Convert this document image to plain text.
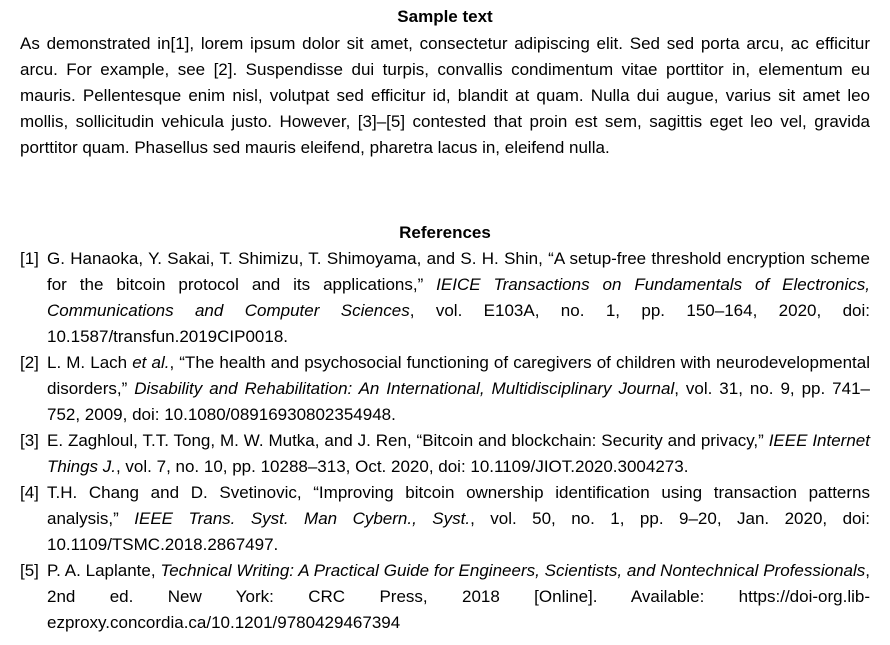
Sample text

As demonstrated in[1], lorem ipsum dolor sit amet, consectetur adipiscing elit. Sed sed porta arcu, ac efficitur arcu. For example, see [2]. Suspendisse dui turpis, convallis condimentum vitae porttitor in, elementum eu mauris. Pellentesque enim nisl, volutpat sed efficitur id, blandit at quam. Nulla dui augue, varius sit amet leo mollis, sollicitudin vehicula justo. However, [3]–[5] contested that proin est sem, sagittis eget leo vel, gravida porttitor quam. Phasellus sed mauris eleifend, pharetra lacus in, eleifend nulla.

References
[1] G. Hanaoka, Y. Sakai, T. Shimizu, T. Shimoyama, and S. H. Shin, “A setup-free threshold encryption scheme for the bitcoin protocol and its applications,” IEICE Transactions on Fundamentals of Electronics, Communications and Computer Sciences, vol. E103A, no. 1, pp. 150–164, 2020, doi: 10.1587/transfun.2019CIP0018.
[2] L. M. Lach et al., “The health and psychosocial functioning of caregivers of children with neurodevelopmental disorders,” Disability and Rehabilitation: An International, Multidisciplinary Journal, vol. 31, no. 9, pp. 741–752, 2009, doi: 10.1080/08916930802354948.
[3] E. Zaghloul, T.T. Tong, M. W. Mutka, and J. Ren, “Bitcoin and blockchain: Security and privacy,” IEEE Internet Things J., vol. 7, no. 10, pp. 10288–313, Oct. 2020, doi: 10.1109/JIOT.2020.3004273.
[4] T.H. Chang and D. Svetinovic, “Improving bitcoin ownership identification using transaction patterns analysis,” IEEE Trans. Syst. Man Cybern., Syst., vol. 50, no. 1, pp. 9–20, Jan. 2020, doi: 10.1109/TSMC.2018.2867497.
[5] P. A. Laplante, Technical Writing: A Practical Guide for Engineers, Scientists, and Nontechnical Professionals, 2nd ed. New York: CRC Press, 2018 [Online]. Available: https://doi-org.lib-ezproxy.concordia.ca/10.1201/9780429467394
